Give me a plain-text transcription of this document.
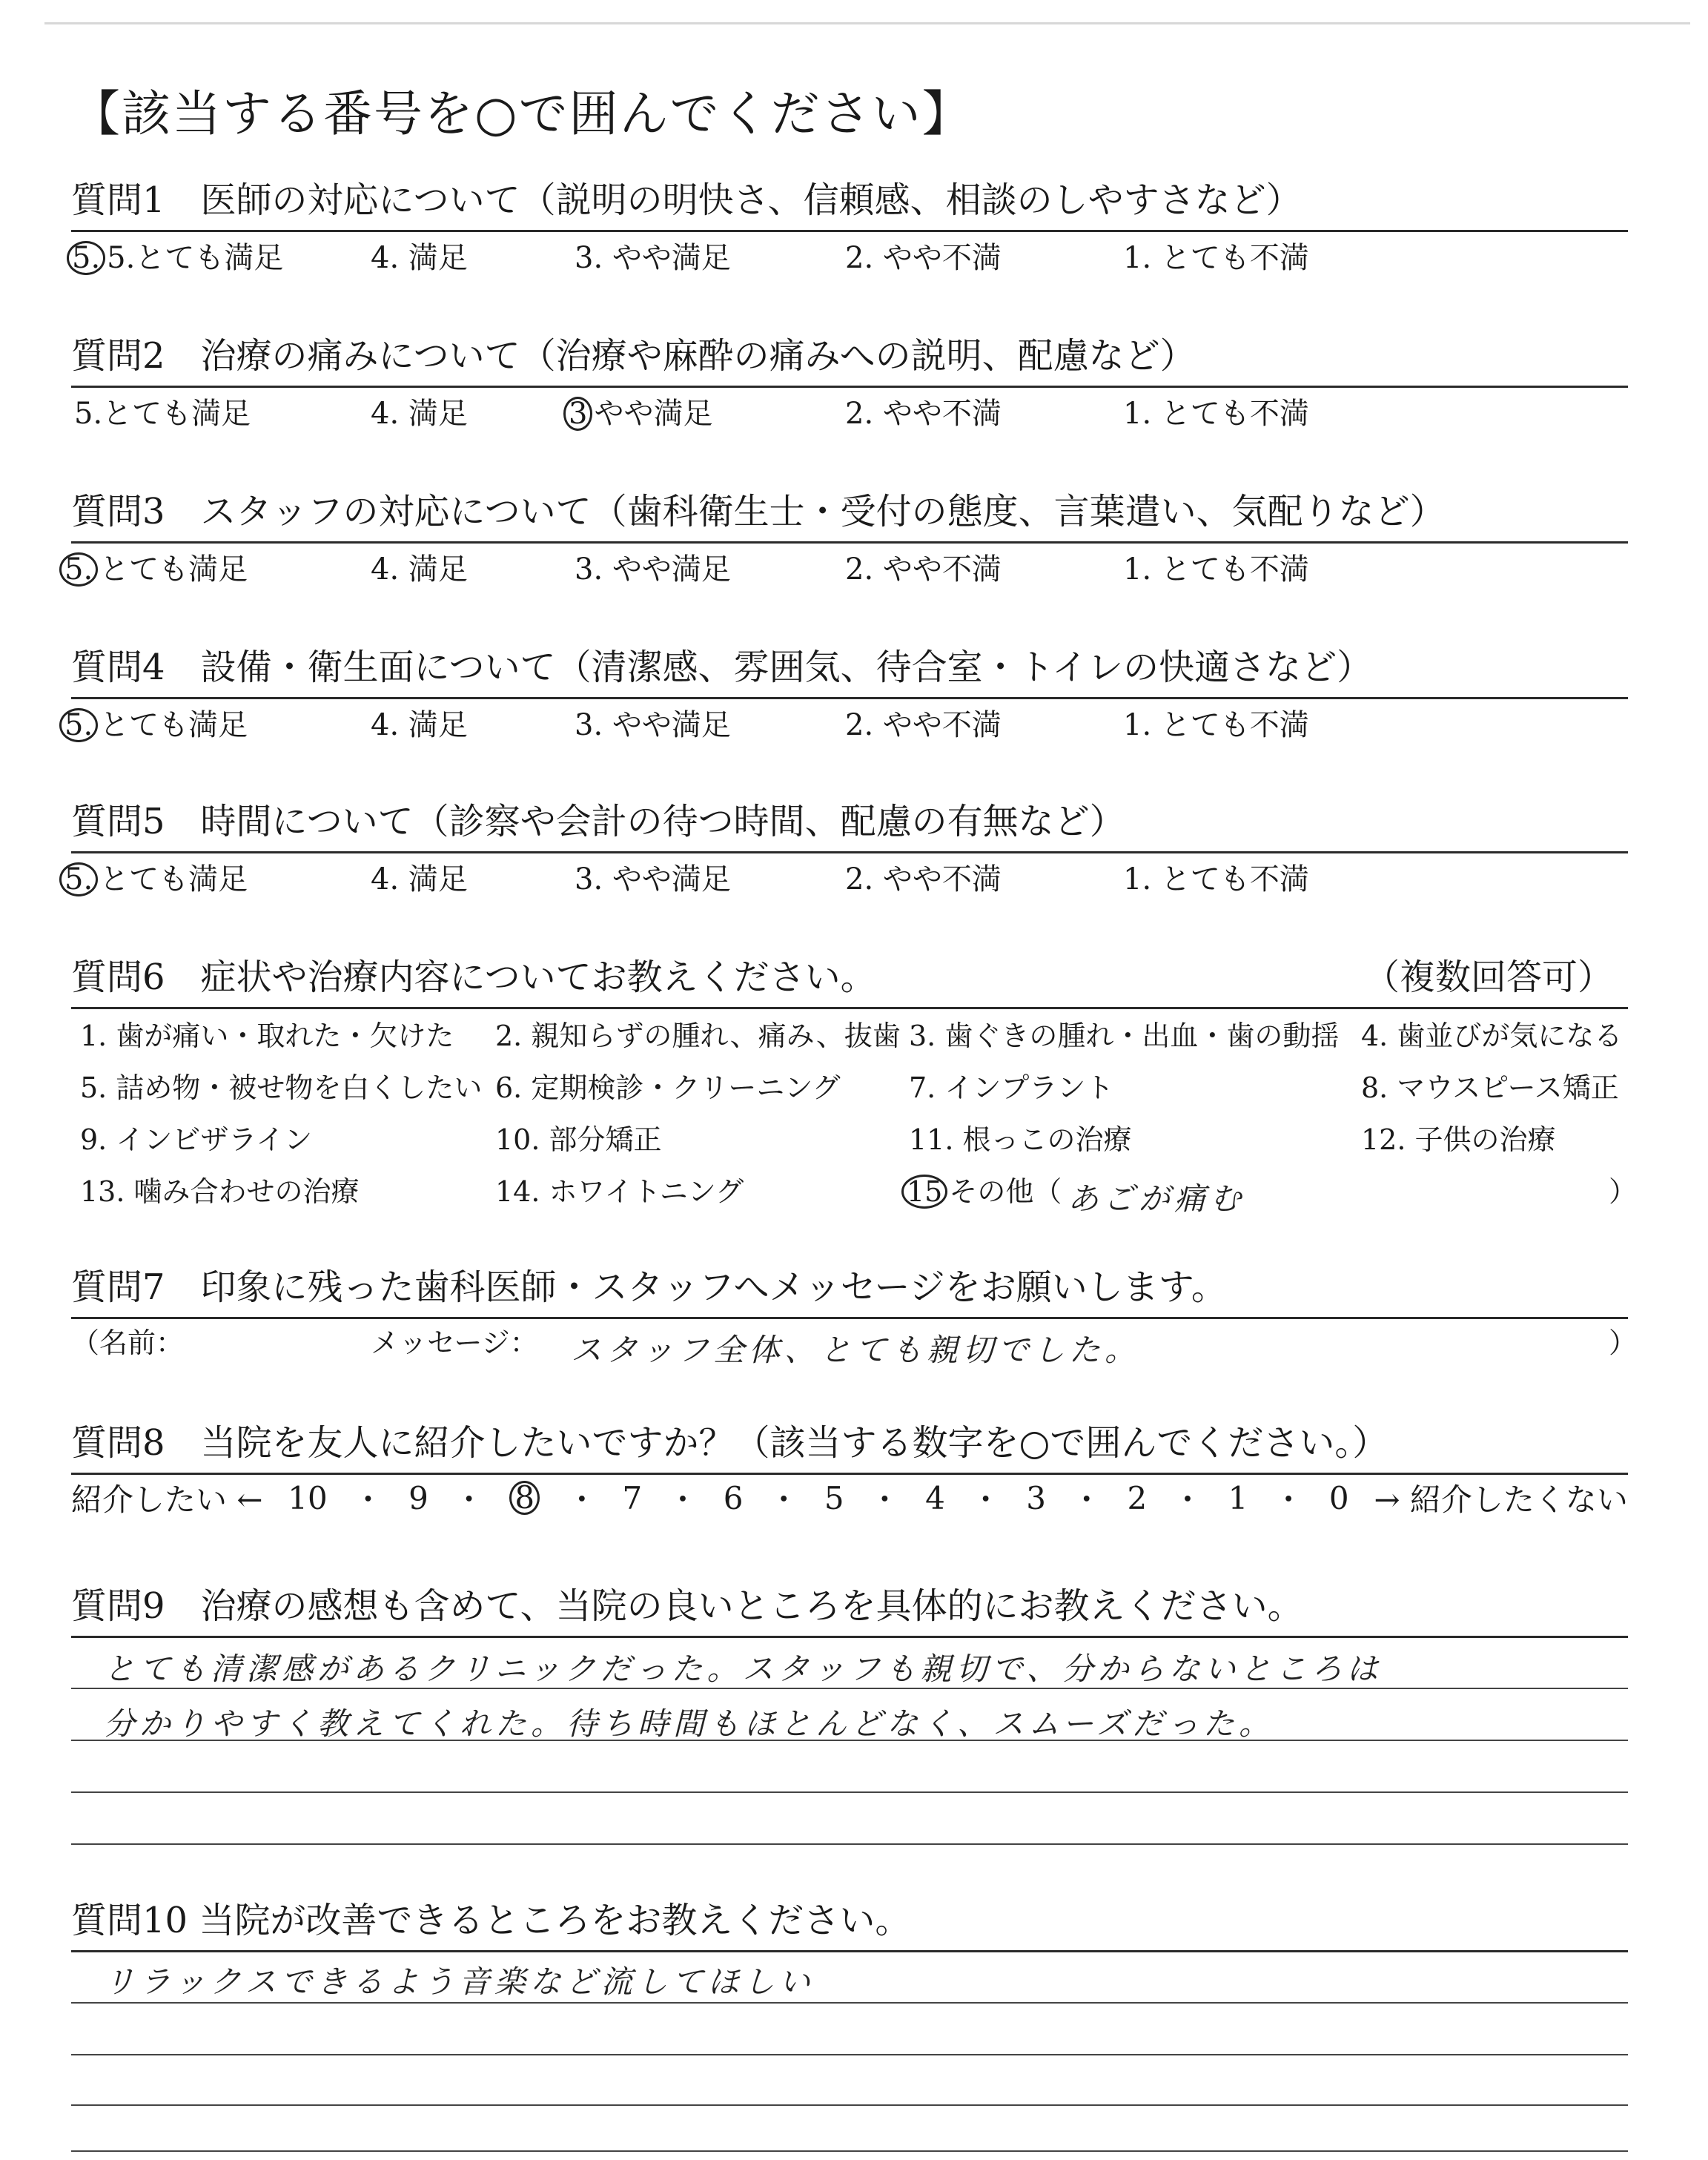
【該当する番号を○で囲んでください】
質問1　医師の対応について（説明の明快さ、信頼感、相談のしやすさなど）
5. 5.とても満足	4. 満足	3. やや満足	2. やや不満	1. とても不満
質問2　治療の痛みについて（治療や麻酔の痛みへの説明、配慮など）
5.とても満足	4. 満足	3 やや満足	2. やや不満	1. とても不満
質問3　スタッフの対応について（歯科衛生士・受付の態度、言葉遣い、気配りなど）
5. とても満足	4. 満足	3. やや満足	2. やや不満	1. とても不満
質問4　設備・衛生面について（清潔感、雰囲気、待合室・トイレの快適さなど）
5. とても満足	4. 満足	3. やや満足	2. やや不満	1. とても不満
質問5　時間について（診察や会計の待つ時間、配慮の有無など）
5. とても満足	4. 満足	3. やや満足	2. やや不満	1. とても不満
質問6　症状や治療内容についてお教えください。	（複数回答可）
1. 歯が痛い・取れた・欠けた 2. 親知らずの腫れ、痛み、抜歯 3. 歯ぐきの腫れ・出血・歯の動揺 4. 歯並びが気になる
5. 詰め物・被せ物を白くしたい 6. 定期検診・クリーニング 7. インプラント	8. マウスピース矯正
9. インビザライン	10. 部分矯正	11. 根っこの治療	12. 子供の治療
13. 噛み合わせの治療	14. ホワイトニング	15 その他（ あごが痛む	）
質問7　印象に残った歯科医師・スタッフへメッセージをお願いします。
（名前：	メッセージ： スタッフ全体、とても親切でした。	）
質問8　当院を友人に紹介したいですか？（該当する数字を○で囲んでください。）
紹介したい ← 10 ・ 9 ・ 8 ・ 7 ・ 6 ・ 5 ・ 4 ・ 3 ・ 2 ・ 1 ・ 0 → 紹介したくない
質問9　治療の感想も含めて、当院の良いところを具体的にお教えください。
とても清潔感があるクリニックだった。スタッフも親切で、分からないところは
分かりやすく教えてくれた。待ち時間もほとんどなく、スムーズだった。
質問10 当院が改善できるところをお教えください。
リラックスできるよう音楽など流してほしい
